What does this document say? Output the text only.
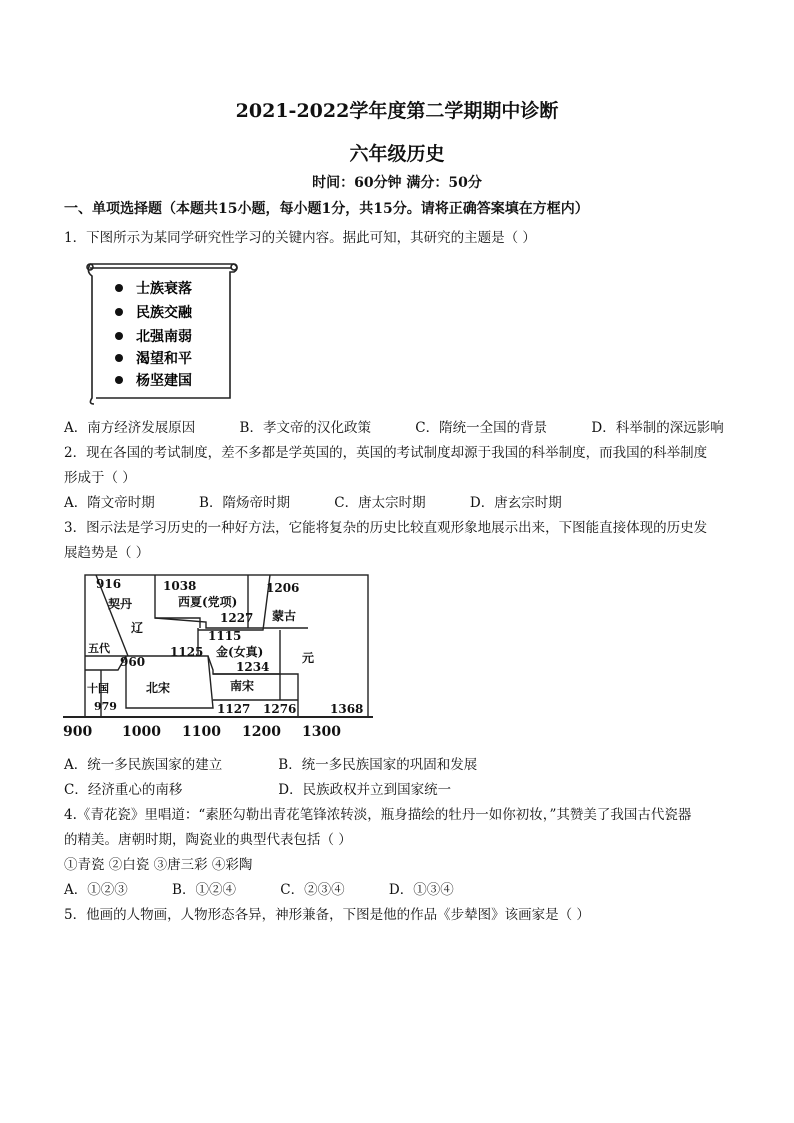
2021-2022学年度第二学期期中诊断
六年级历史
时间：60分钟 满分：50分
一、单项选择题（本题共15小题，每小题1分，共15分。请将正确答案填在方框内）
1．下图所示为某同学研究性学习的关键内容。据此可知，其研究的主题是（ ）
士族衰落
民族交融
北强南弱
渴望和平
杨坚建国
A．南方经济发展原因	B．孝文帝的汉化政策	C．隋统一全国的背景	D．科举制的深远影响
2．现在各国的考试制度，差不多都是学英国的，英国的考试制度却源于我国的科举制度，而我国的科举制度
形成于（ ）
A．隋文帝时期	B．隋炀帝时期	C．唐太宗时期	D．唐玄宗时期
3．图示法是学习历史的一种好方法，它能将复杂的历史比较直观形象地展示出来，下图能直接体现的历史发
展趋势是（ ）
916
契丹
辽
1038
西夏(党项)
1227
1206
蒙古
五代	1125
1115
金(女真)
1234
元
960
十国
979
北宋	南宋
1127 1276	1368
900 1000 1100 1200 1300
A．统一多民族国家的建立	B．统一多民族国家的巩固和发展
C．经济重心的南移	D．民族政权并立到国家统一
4.《青花瓷》里唱道：“素胚勾勒出青花笔锋浓转淡，瓶身描绘的牡丹一如你初妆，”其赞美了我国古代瓷器
的精美。唐朝时期，陶瓷业的典型代表包括（ ）
①青瓷 ②白瓷 ③唐三彩 ④彩陶
A．①②③	B．①②④	C．②③④	D．①③④
5．他画的人物画，人物形态各异，神形兼备，下图是他的作品《步辇图》该画家是（ ）
